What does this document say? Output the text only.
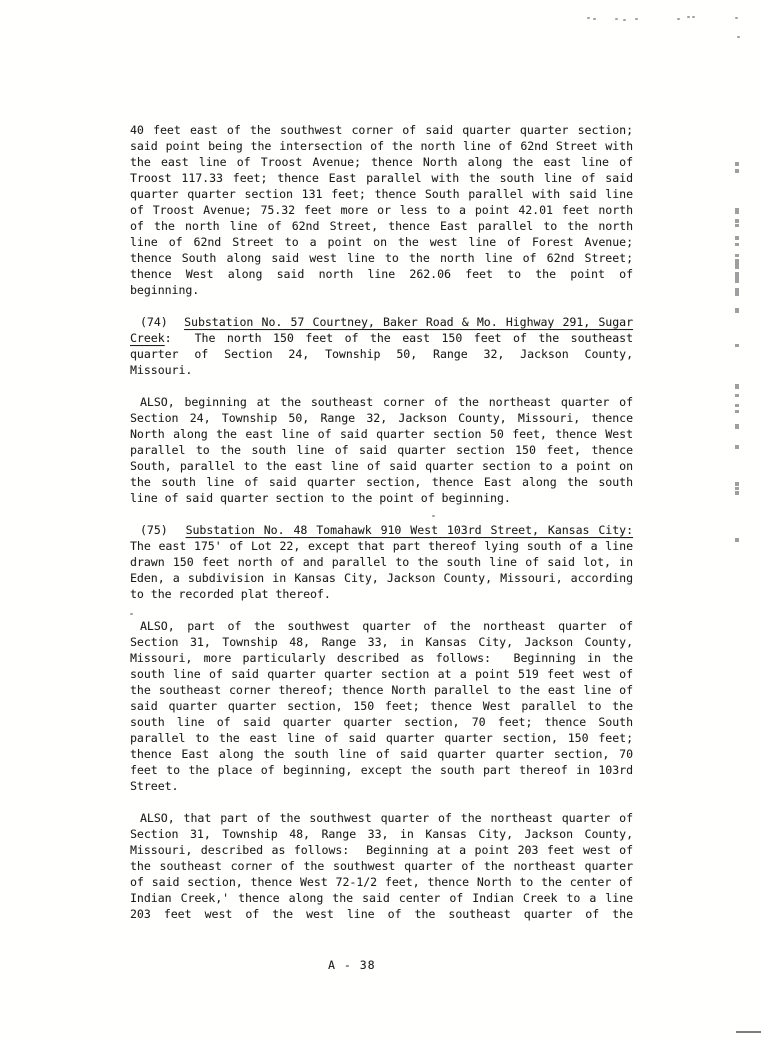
40 feet east of the southwest corner of said quarter quarter section;
said point being the intersection of the north line of 62nd Street with
the east line of Troost Avenue; thence North along the east line of
Troost 117.33 feet; thence East parallel with the south line of said
quarter quarter section 131 feet; thence South parallel with said line
of Troost Avenue; 75.32 feet more or less to a point 42.01 feet north
of the north line of 62nd Street, thence East parallel to the north
line of 62nd Street to a point on the west line of Forest Avenue;
thence South along said west line to the north line of 62nd Street;
thence West along said north line 262.06 feet to the point of
beginning.
(74)  Substation No. 57 Courtney, Baker Road & Mo. Highway 291, Sugar
Creek:  The north 150 feet of the east 150 feet of the southeast
quarter of Section 24, Township 50, Range 32, Jackson County,
Missouri.
ALSO, beginning at the southeast corner of the northeast quarter of
Section 24, Township 50, Range 32, Jackson County, Missouri, thence
North along the east line of said quarter section 50 feet, thence West
parallel to the south line of said quarter section 150 feet, thence
South, parallel to the east line of said quarter section to a point on
the south line of said quarter section, thence East along the south
line of said quarter section to the point of beginning.
(75)  Substation No. 48 Tomahawk 910 West 103rd Street, Kansas City:
The east 175' of Lot 22, except that part thereof lying south of a line
drawn 150 feet north of and parallel to the south line of said lot, in
Eden, a subdivision in Kansas City, Jackson County, Missouri, according
to the recorded plat thereof.
ALSO, part of the southwest quarter of the northeast quarter of
Section 31, Township 48, Range 33, in Kansas City, Jackson County,
Missouri, more particularly described as follows:  Beginning in the
south line of said quarter quarter section at a point 519 feet west of
the southeast corner thereof; thence North parallel to the east line of
said quarter quarter section, 150 feet; thence West parallel to the
south line of said quarter quarter section, 70 feet; thence South
parallel to the east line of said quarter quarter section, 150 feet;
thence East along the south line of said quarter quarter section, 70
feet to the place of beginning, except the south part thereof in 103rd
Street.
ALSO, that part of the southwest quarter of the northeast quarter of
Section 31, Township 48, Range 33, in Kansas City, Jackson County,
Missouri, described as follows:  Beginning at a point 203 feet west of
the southeast corner of the southwest quarter of the northeast quarter
of said section, thence West 72-1/2 feet, thence North to the center of
Indian Creek,' thence along the said center of Indian Creek to a line
203 feet west of the west line of the southeast quarter of the
A - 38
